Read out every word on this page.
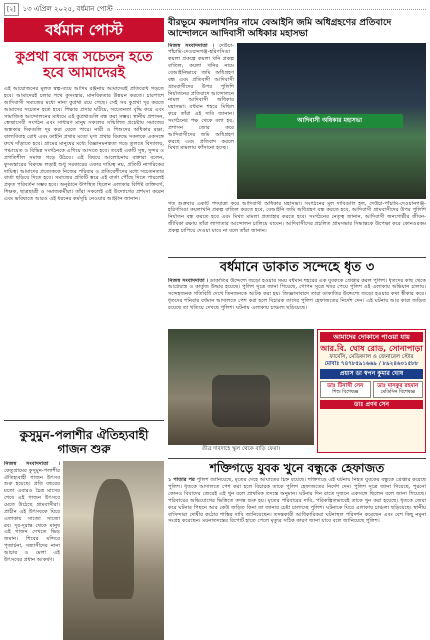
[২]	১৩ এপ্রিল ২০২৫, বর্ধমান পোস্ট
বর্ধমান পোস্ট
কুপ্রথা বন্ধে সচেতন হতে হবে আমাদেরই
এই আয়োজনের মূলত স্বল্প-ব্যয়ে আদিম রঞ্জনায় আমাদেরই প্রতিরোধ গড়তে হবে। আমাদেরই চলার পথে কুসংস্কার, মানবিকতার উন্নয়ন করতে। চারপাশে আদিবাসী সমাজের মধ্যে নানা কুপ্রথা রয়ে গেছে। সেই সব কুপ্রথা দূর করতে আমাদের সচেতন হতে হবে। শিক্ষার প্রসার ঘটিয়ে, সচেতনতা বৃদ্ধি করে এবং সামাজিক আন্দোলনের মাধ্যমে এই কুপ্রথাগুলি বন্ধ করা সম্ভব। স্থানীয় প্রশাসন, স্বেচ্ছাসেবী সংগঠন এবং সাধারণ মানুষ সকলের সম্মিলিত প্রচেষ্টায় সমাজের অন্ধকার দিকগুলি দূর করা যেতে পারে। নারী ও শিশুদের অধিকার রক্ষা, বাল্যবিবাহ রোধ এবং ডাইনি প্রথার মতো ঘৃণ্য প্রথার বিরুদ্ধে সকলকে একসঙ্গে রুখে দাঁড়াতে হবে। গ্রামের মানুষের মধ্যে বিজ্ঞানমনস্কতা গড়ে তুলতে বিদ্যালয়, পঞ্চায়েত ও বিভিন্ন সংগঠনকে এগিয়ে আসতে হবে। তবেই একটি সুস্থ, সুন্দর ও প্রগতিশীল সমাজ গড়ে উঠবে। এই বিষয়ে আলোচনায় বক্তারা বলেন, কুসংস্কারের বিরুদ্ধে লড়াই শুধু সরকারের একার দায়িত্ব নয়, প্রতিটি নাগরিকের দায়িত্ব। আমাদের প্রত্যেককে নিজের পরিবার ও প্রতিবেশীদের মধ্যে সচেতনতার বার্তা ছড়িয়ে দিতে হবে। সমাজের প্রতিটি স্তরে এই বার্তা পৌঁছে দিতে পারলেই প্রকৃত পরিবর্তন সম্ভব হবে। অনুষ্ঠানে উপস্থিত ছিলেন এলাকার বিশিষ্ট ব্যক্তিবর্গ, শিক্ষক, ছাত্রছাত্রী ও সমাজকর্মীরা। তাঁরা সকলেই এই উদ্যোগের প্রশংসা করেন এবং ভবিষ্যতে আরও এই ধরনের কর্মসূচি নেওয়ার আহ্বান জানান।
কুসুমুন-পলাশীর ঐতিহ্যবাহী গাজন শুরু
নিজস্ব সংবাদদাতা । কেতুগ্রামের কুসুমুন-পলাশীর ঐতিহ্যবাহী গাজন উৎসব শুরু হয়েছে। প্রতি বছরের মতো এবারও চৈত্র মাসের শেষে এই গাজন উৎসবে মেতে উঠেছে গ্রামবাসীরা। প্রাচীন এই উৎসবকে ঘিরে এলাকায় সাজো সাজো রব। দূর-দূরান্ত থেকে মানুষ এই গাজন দেখতে ভিড় জমান। শিবের মন্দিরে পূজার্চনা, সন্ন্যাসীদের নানা আচার ও মেলা এই উৎসবের প্রধান আকর্ষণ।
বীরভূমে কয়লাখনির নামে বেআইনি জমি অধিগ্রহণের প্রতিবাদে আন্দোলনে আদিবাসী অধিকার মহাসভা
নিজস্ব সংবাদদাতা । দেউচা-পাঁচামি-দেওয়ানগঞ্জ-হরিণসিঙা কয়লা প্রকল্পে কয়লা খনি প্রকল্প বাতিল, কয়লা খনির নামে বেআইনিভাবে জমি অধিগ্রহণ বন্ধ এবং প্রতিবাদী আদিবাসী গ্রামবাসীদের উপর পুলিশি নির্যাতনের প্রতিবাদে আন্দোলনে নামল আদিবাসী অধিকার মহাসভা। বর্ধমান শহরে মিছিল করে তাঁরা এই দাবি জানান। সংগঠনের পক্ষ থেকে বলা হয়, প্রশাসন জোর করে আদিবাসীদের জমি অধিগ্রহণ করছে এবং প্রতিবাদ করলে মিথ্যা মামলায় ফাঁসানো হচ্ছে।
আদিবাসী অধিকার মহাসভা
গত শুক্রবার একটি পদযাত্রা করে আদিবাসী অধিকার মহাসভা। সংগঠনের মূল দাবিগুলি হল, দেউচা-পাঁচামি-দেওয়ানগঞ্জ-হরিণসিঙা কয়লাখনি প্রকল্প বাতিল করতে হবে, বেআইনি জমি অধিগ্রহণ বন্ধ করতে হবে, আদিবাসী গ্রামবাসীদের উপর পুলিশি নির্যাতন বন্ধ করতে হবে এবং মিথ্যা মামলা প্রত্যাহার করতে হবে। সংগঠনের নেতৃত্ব জানান, আদিবাসী জনগোষ্ঠীর জীবন-জীবিকা রক্ষায় তাঁরা লাগাতার আন্দোলন চালিয়ে যাবেন। আদিবাসীদের প্রচলিত গ্রামসভার সিদ্ধান্তকে উপেক্ষা করে কোনওরকম প্রকল্প চাপিয়ে দেওয়া যাবে না বলে তাঁরা জানান।
বর্ধমানে ডাকাত সন্দেহে ধৃত ৩
নিজস্ব সংবাদদাতা । ডাকাতির উদ্দেশ্যে জড়ো হওয়ার সময় বর্ধমান শহরের এক যুবককে গ্রেপ্তার করল পুলিশ। ধৃতদের কাছ থেকে আগ্নেয়াস্ত্র ও কার্তুজ উদ্ধার হয়েছে। পুলিশ সূত্রে জানা গিয়েছে, গোপন সূত্রে খবর পেয়ে পুলিশ ওই এলাকায় অভিযান চালায়। সন্দেহজনক গতিবিধি দেখে তিনজনকে আটক করা হয়। জিজ্ঞাসাবাদে তারা ডাকাতির উদ্দেশ্যে জড়ো হওয়ার কথা স্বীকার করে। ধৃতদের শনিবার বর্ধমান আদালতে পেশ করা হলে বিচারক তাদের পুলিশ হেফাজতের নির্দেশ দেন। এই ঘটনায় আর কারা জড়িত রয়েছে তা খতিয়ে দেখছে পুলিশ। ঘটনায় এলাকায় চাঞ্চল্য ছড়িয়েছে।
তীব্র দাবদাহে স্কুল থেকে বাড়ি ফেরা।
আমাদের দোকানে পাওয়া যায়
আর.বি. ঘোষ রোড, সোনাপাড়া
ফার্মেসি, মেডিক্যাল ও জেনারেল স্টোর
মোবাঃ ৭৪৭৮৫৯১৬৬৯ / ৮৯২৪৬০১৫৮৮
প্রয়াস ডা স্বপন কুমার ঘোষ
ডাঃ টিনাখী সেন
শিশু বিশেষজ্ঞ
ডাঃ মানকুর রহমান
মেডিসিন বিশেষজ্ঞ
ডাঃ প্রণব সেন
শক্তিগড়ে যুবক খুনে বন্ধুকে হেফাজত
১ পাতার পর পুলিশ জানিয়েছে, মৃতের দেহে আঘাতের চিহ্ন রয়েছে। শক্তিগড়ে এই ঘটনায় নিহত যুবকের বন্ধুকে গ্রেপ্তার করেছে পুলিশ। ধৃতকে আদালতে পেশ করা হলে বিচারক তাকে পুলিশ হেফাজতের নির্দেশ দেন। পুলিশ সূত্রে জানা গিয়েছে, পুরনো কোনও বিবাদের জেরেই এই খুন বলে প্রাথমিক তদন্তে অনুমান। ঘটনার দিন রাতে দুজনে একসঙ্গে ছিলেন বলে জানা গিয়েছে। পরিবারের অভিযোগের ভিত্তিতে তদন্ত শুরু হয়। মৃতের পরিবারের দাবি, পরিকল্পিতভাবেই তাকে খুন করা হয়েছে। ধৃতকে জেরা করে ঘটনার পিছনে আর কেউ জড়িত কিনা তা জানার চেষ্টা চালাচ্ছে পুলিশ। ঘটনাকে ঘিরে এলাকায় চাঞ্চল্য ছড়িয়েছে। স্থানীয় বাসিন্দারা দোষীর কঠোর শাস্তির দাবি জানিয়েছেন। তদন্তকারী আধিকারিকরা ঘটনাস্থল পরিদর্শন করেছেন এবং বেশ কিছু নমুনা সংগ্রহ করেছেন। ময়নাতদন্তের রিপোর্ট হাতে পেলে মৃত্যুর সঠিক কারণ জানা যাবে বলে জানিয়েছে পুলিশ।
